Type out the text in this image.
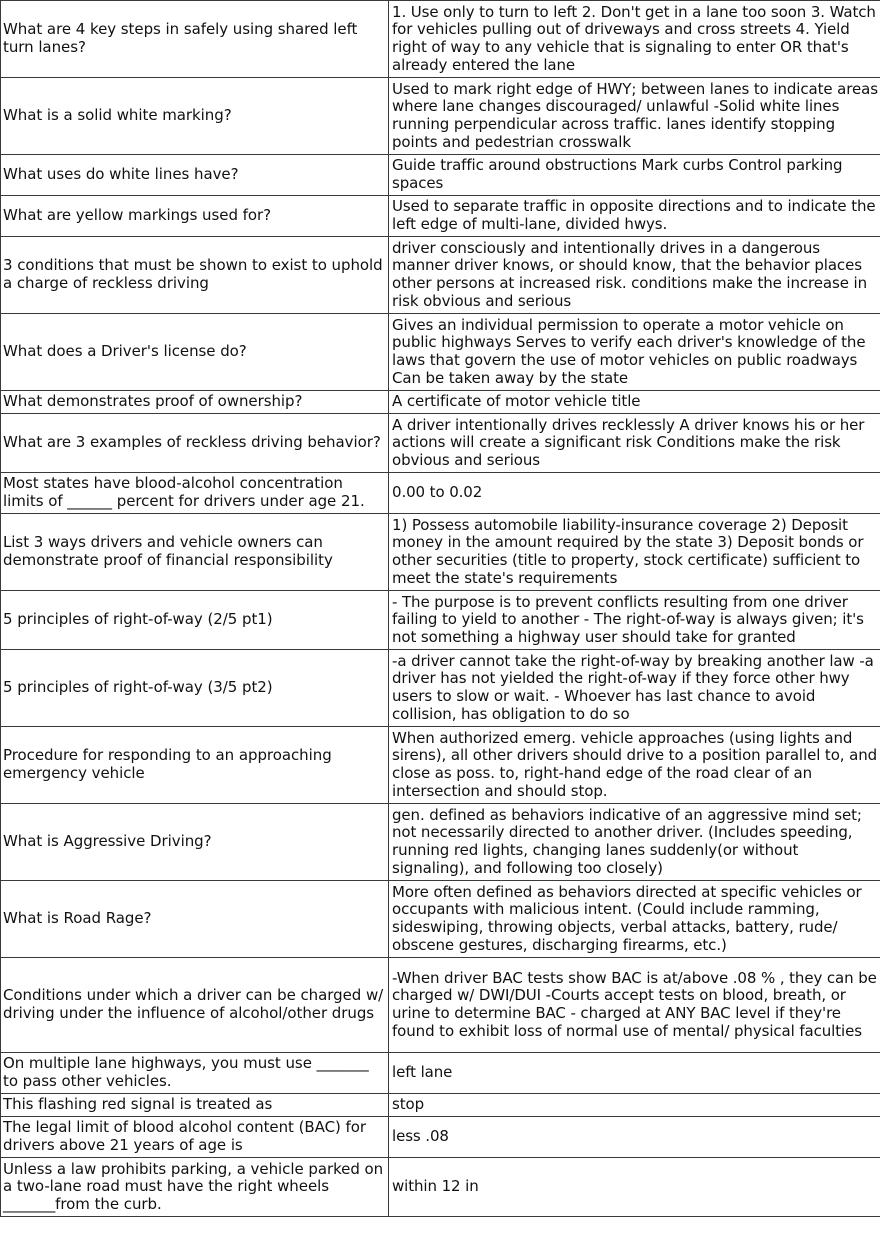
What are 4 key steps in safely using shared left turn lanes?	1. Use only to turn to left 2. Don't get in a lane too soon 3. Watch for vehicles pulling out of driveways and cross streets 4. Yield right of way to any vehicle that is signaling to enter OR that's already entered the lane
What is a solid white marking?	Used to mark right edge of HWY; between lanes to indicate areas where lane changes discouraged/ unlawful -Solid white lines running perpendicular across traffic. lanes identify stopping points and pedestrian crosswalk
What uses do white lines have?	Guide traffic around obstructions Mark curbs Control parking spaces
What are yellow markings used for?	Used to separate traffic in opposite directions and to indicate the left edge of multi-lane, divided hwys.
3 conditions that must be shown to exist to uphold a charge of reckless driving	driver consciously and intentionally drives in a dangerous manner driver knows, or should know, that the behavior places other persons at increased risk. conditions make the increase in risk obvious and serious
What does a Driver's license do?	Gives an individual permission to operate a motor vehicle on public highways Serves to verify each driver's knowledge of the laws that govern the use of motor vehicles on public roadways Can be taken away by the state
What demonstrates proof of ownership?	A certificate of motor vehicle title
What are 3 examples of reckless driving behavior?	A driver intentionally drives recklessly A driver knows his or her actions will create a significant risk Conditions make the risk obvious and serious
Most states have blood-alcohol concentration limits of ______ percent for drivers under age 21.	0.00 to 0.02
List 3 ways drivers and vehicle owners can demonstrate proof of financial responsibility	1) Possess automobile liability-insurance coverage 2) Deposit money in the amount required by the state 3) Deposit bonds or other securities (title to property, stock certificate) sufficient to meet the state's requirements
5 principles of right-of-way (2/5 pt1)	- The purpose is to prevent conflicts resulting from one driver failing to yield to another - The right-of-way is always given; it's not something a highway user should take for granted
5 principles of right-of-way (3/5 pt2)	-a driver cannot take the right-of-way by breaking another law -a driver has not yielded the right-of-way if they force other hwy users to slow or wait. - Whoever has last chance to avoid collision, has obligation to do so
Procedure for responding to an approaching emergency vehicle	When authorized emerg. vehicle approaches (using lights and sirens), all other drivers should drive to a position parallel to, and close as poss. to, right-hand edge of the road clear of an intersection and should stop.
What is Aggressive Driving?	gen. defined as behaviors indicative of an aggressive mind set; not necessarily directed to another driver. (Includes speeding, running red lights, changing lanes suddenly(or without signaling), and following too closely)
What is Road Rage?	More often defined as behaviors directed at specific vehicles or occupants with malicious intent. (Could include ramming, sideswiping, throwing objects, verbal attacks, battery, rude/ obscene gestures, discharging firearms, etc.)
Conditions under which a driver can be charged w/ driving under the influence of alcohol/other drugs	-When driver BAC tests show BAC is at/above .08 % , they can be charged w/ DWI/DUI -Courts accept tests on blood, breath, or urine to determine BAC - charged at ANY BAC level if they're found to exhibit loss of normal use of mental/ physical faculties
On multiple lane highways, you must use _______ to pass other vehicles.	left lane
This flashing red signal is treated as	stop
The legal limit of blood alcohol content (BAC) for drivers above 21 years of age is	less .08
Unless a law prohibits parking, a vehicle parked on a two-lane road must have the right wheels _______from the curb.	within 12 in
